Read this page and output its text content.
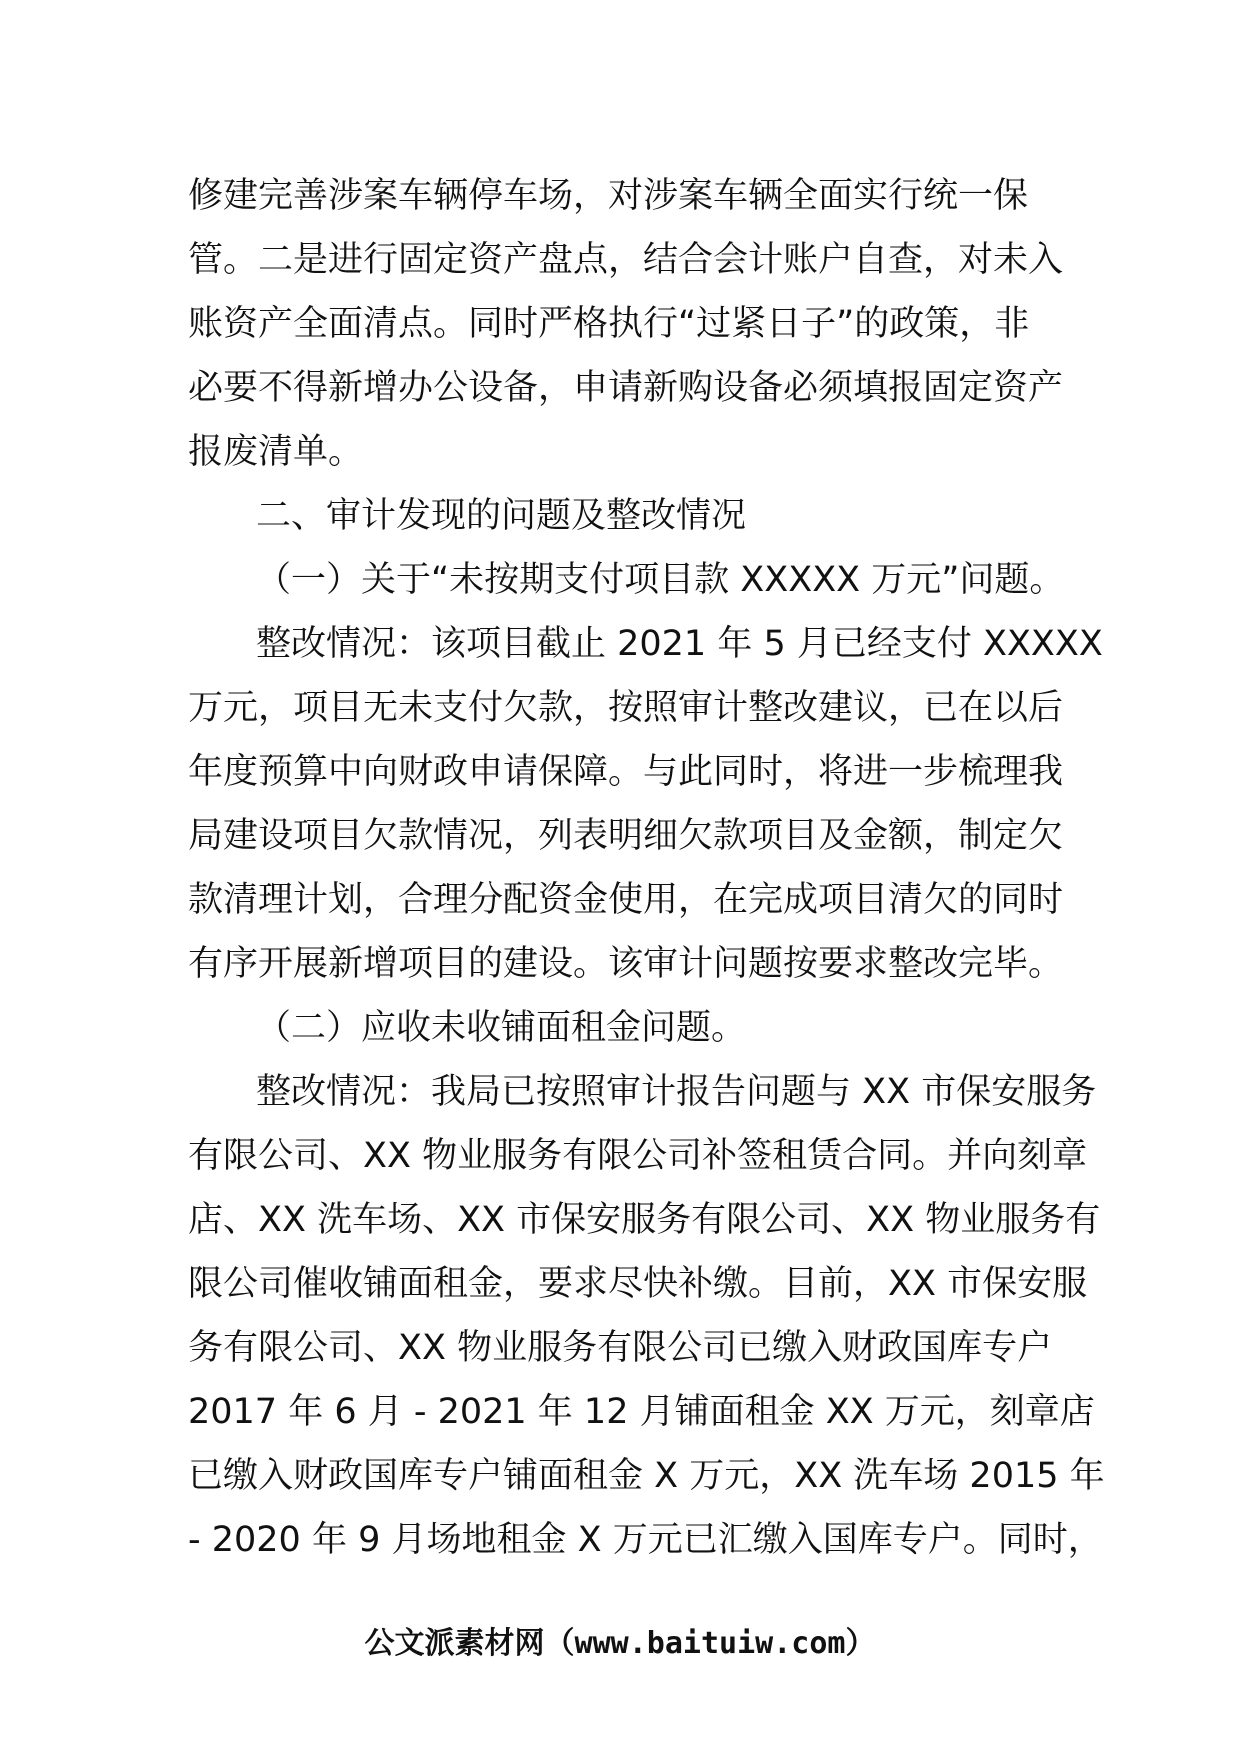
修建完善涉案车辆停车场，对涉案车辆全面实行统一保
管。二是进行固定资产盘点，结合会计账户自查，对未入
账资产全面清点。同时严格执行“过紧日子”的政策，非
必要不得新增办公设备，申请新购设备必须填报固定资产
报废清单。
二、审计发现的问题及整改情况
（一）关于“未按期支付项目款 XXXXX 万元”问题。
整改情况：该项目截止 2021 年 5 月已经支付 XXXXX
万元，项目无未支付欠款，按照审计整改建议，已在以后
年度预算中向财政申请保障。与此同时，将进一步梳理我
局建设项目欠款情况，列表明细欠款项目及金额，制定欠
款清理计划，合理分配资金使用，在完成项目清欠的同时
有序开展新增项目的建设。该审计问题按要求整改完毕。
（二）应收未收铺面租金问题。
整改情况：我局已按照审计报告问题与 XX 市保安服务
有限公司、XX 物业服务有限公司补签租赁合同。并向刻章
店、XX 洗车场、XX 市保安服务有限公司、XX 物业服务有
限公司催收铺面租金，要求尽快补缴。目前，XX 市保安服
务有限公司、XX 物业服务有限公司已缴入财政国库专户
2017 年 6 月 - 2021 年 12 月铺面租金 XX 万元，刻章店
已缴入财政国库专户铺面租金 X 万元，XX 洗车场 2015 年
- 2020 年 9 月场地租金 X 万元已汇缴入国库专户。同时，
公文派素材网（www.baituiw.com）
